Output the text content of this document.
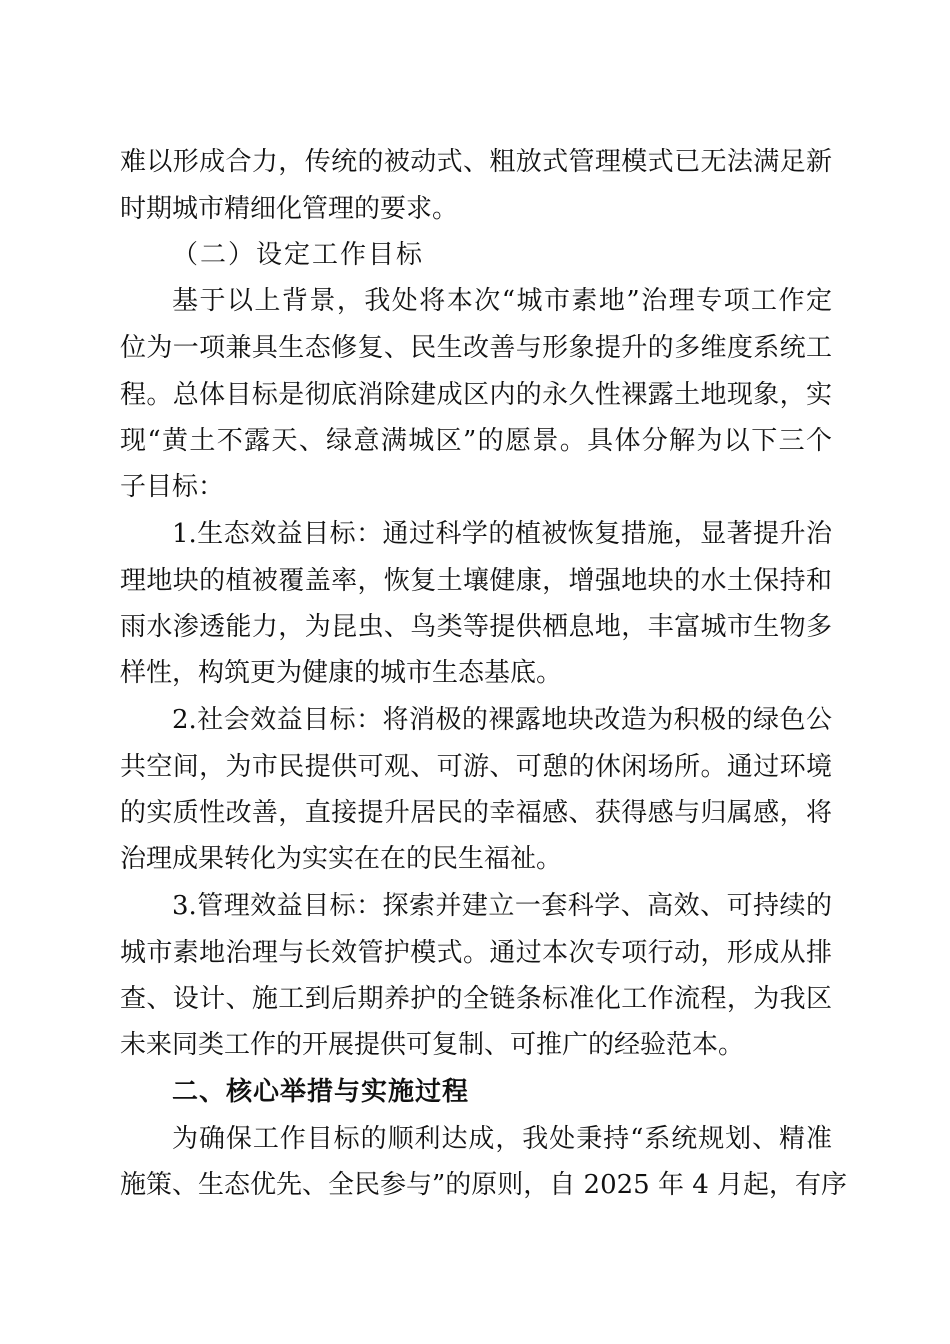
难以形成合力，传统的被动式、粗放式管理模式已无法满足新
时期城市精细化管理的要求。
（二）设定工作目标
基于以上背景，我处将本次“城市素地”治理专项工作定
位为一项兼具生态修复、民生改善与形象提升的多维度系统工
程。总体目标是彻底消除建成区内的永久性裸露土地现象，实
现“黄土不露天、绿意满城区”的愿景。具体分解为以下三个
子目标：
1.生态效益目标：通过科学的植被恢复措施，显著提升治
理地块的植被覆盖率，恢复土壤健康，增强地块的水土保持和
雨水渗透能力，为昆虫、鸟类等提供栖息地，丰富城市生物多
样性，构筑更为健康的城市生态基底。
2.社会效益目标：将消极的裸露地块改造为积极的绿色公
共空间，为市民提供可观、可游、可憩的休闲场所。通过环境
的实质性改善，直接提升居民的幸福感、获得感与归属感，将
治理成果转化为实实在在的民生福祉。
3.管理效益目标：探索并建立一套科学、高效、可持续的
城市素地治理与长效管护模式。通过本次专项行动，形成从排
查、设计、施工到后期养护的全链条标准化工作流程，为我区
未来同类工作的开展提供可复制、可推广的经验范本。
二、核心举措与实施过程
为确保工作目标的顺利达成，我处秉持“系统规划、精准
施策、生态优先、全民参与”的原则，自 2025 年 4 月起，有序
